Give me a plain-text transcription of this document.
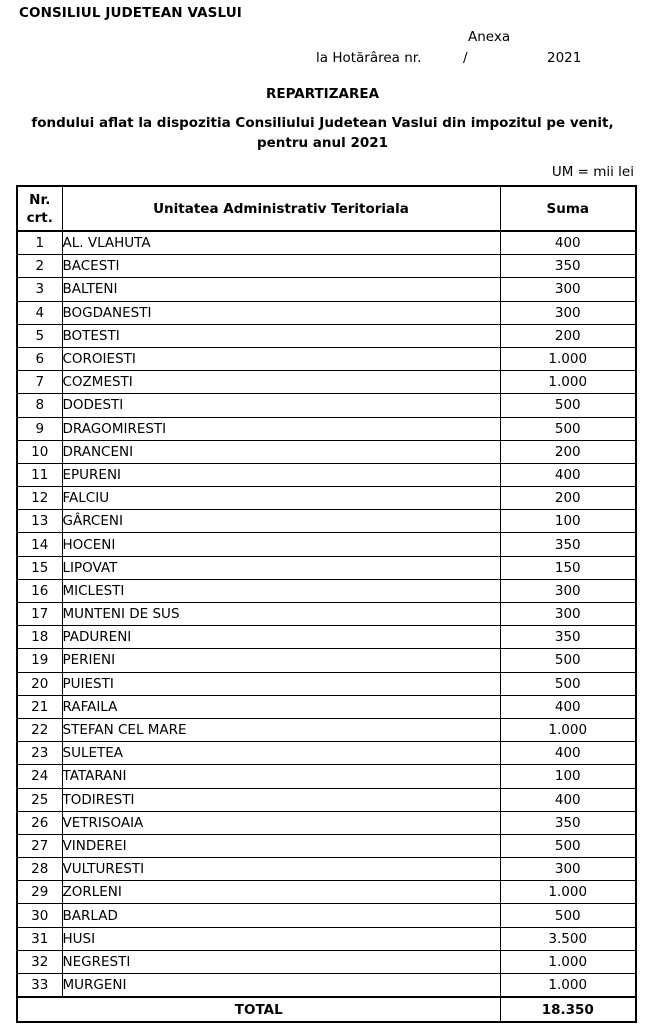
CONSILIUL JUDETEAN VASLUI
Anexa
la Hotărârea nr.	/	2021
REPARTIZAREA
fondului aflat la dispozitia Consiliului Judetean Vaslui din impozitul pe venit,
pentru anul 2021
UM = mii lei
Nr.
crt.	Unitatea Administrativ Teritoriala	Suma
1	AL. VLAHUTA	400
2	BACESTI	350
3	BALTENI	300
4	BOGDANESTI	300
5	BOTESTI	200
6	COROIESTI	1.000
7	COZMESTI	1.000
8	DODESTI	500
9	DRAGOMIRESTI	500
10	DRANCENI	200
11	EPURENI	400
12	FALCIU	200
13	GÂRCENI	100
14	HOCENI	350
15	LIPOVAT	150
16	MICLESTI	300
17	MUNTENI DE SUS	300
18	PADURENI	350
19	PERIENI	500
20	PUIESTI	500
21	RAFAILA	400
22	STEFAN CEL MARE	1.000
23	SULETEA	400
24	TATARANI	100
25	TODIRESTI	400
26	VETRISOAIA	350
27	VINDEREI	500
28	VULTURESTI	300
29	ZORLENI	1.000
30	BARLAD	500
31	HUSI	3.500
32	NEGRESTI	1.000
33	MURGENI	1.000
TOTAL		18.350
